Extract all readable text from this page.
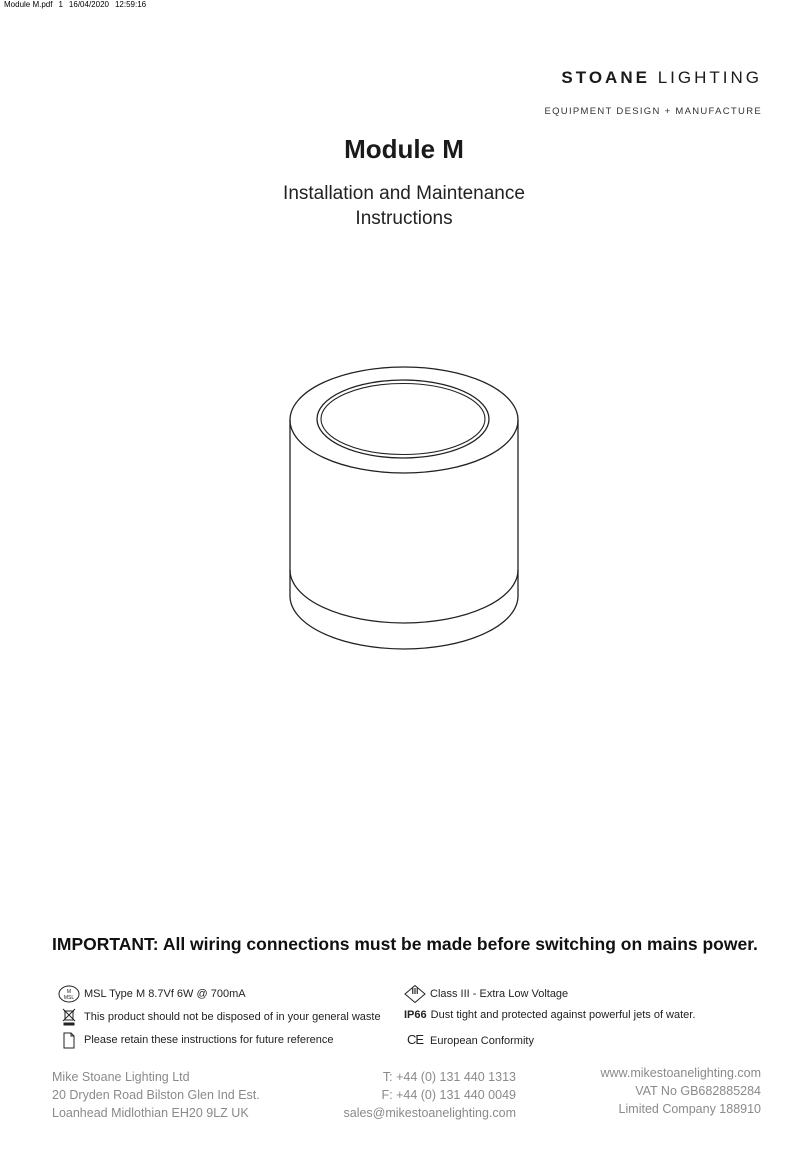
Module M.pdf 1 16/04/2020 12:59:16
STOANE LIGHTING
EQUIPMENT DESIGN + MANUFACTURE
Module M
Installation and Maintenance
Instructions
IMPORTANT: All wiring connections must be made before switching on mains power.
M
MSL MSL Type M 8.7Vf 6W @ 700mA
This product should not be disposed of in your general waste
Please retain these instructions for future reference
III	Class III - Extra Low Voltage
IP66 Dust tight and protected against powerful jets of water.
CE European Conformity
Mike Stoane Lighting Ltd
20 Dryden Road Bilston Glen Ind Est.
Loanhead Midlothian EH20 9LZ UK
T: +44 (0) 131 440 1313
F: +44 (0) 131 440 0049
sales@mikestoanelighting.com
www.mikestoanelighting.com
VAT No GB682885284
Limited Company 188910
